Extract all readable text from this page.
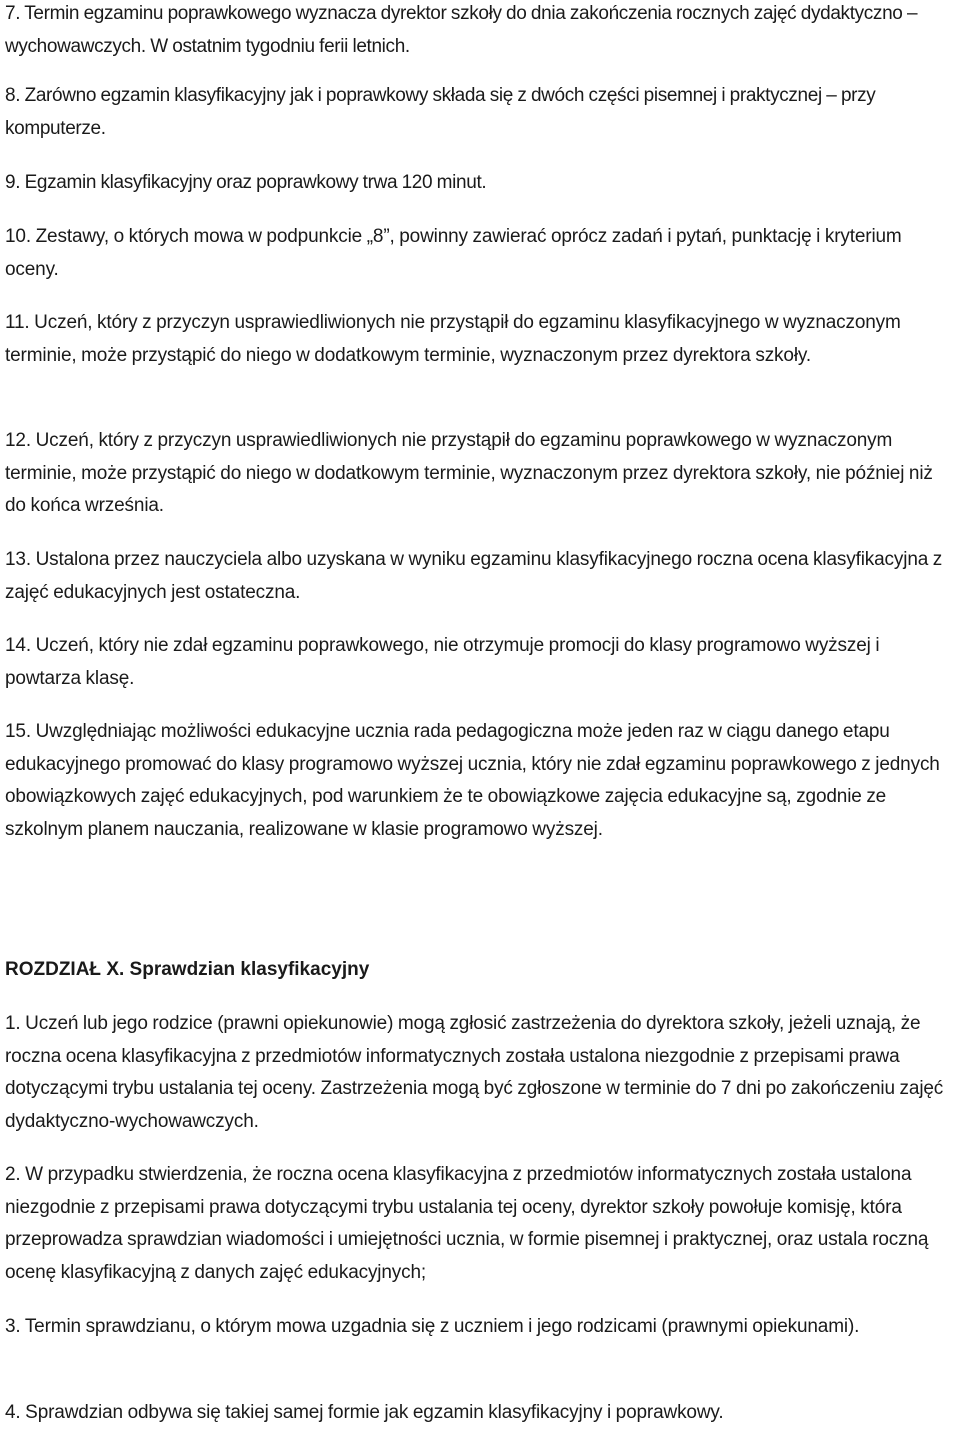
7. Termin egzaminu poprawkowego wyznacza dyrektor szkoły do dnia zakończenia rocznych zajęć dydaktyczno – wychowawczych. W ostatnim tygodniu ferii letnich.

8. Zarówno egzamin klasyfikacyjny jak i poprawkowy składa się z dwóch części pisemnej i praktycznej – przy komputerze.

9. Egzamin klasyfikacyjny oraz poprawkowy trwa 120 minut.

10. Zestawy, o których mowa w podpunkcie „8”, powinny zawierać oprócz zadań i pytań, punktację i kryterium oceny.

11. Uczeń, który z przyczyn usprawiedliwionych nie przystąpił do egzaminu klasyfikacyjnego w wyznaczonym terminie, może przystąpić do niego w dodatkowym terminie, wyznaczonym przez dyrektora szkoły.

12. Uczeń, który z przyczyn usprawiedliwionych nie przystąpił do egzaminu poprawkowego w wyznaczonym terminie, może przystąpić do niego w dodatkowym terminie, wyznaczonym przez dyrektora szkoły, nie później niż do końca września.

13. Ustalona przez nauczyciela albo uzyskana w wyniku egzaminu klasyfikacyjnego roczna ocena klasyfikacyjna z zajęć edukacyjnych jest ostateczna.

14. Uczeń, który nie zdał egzaminu poprawkowego, nie otrzymuje promocji do klasy programowo wyższej i powtarza klasę.

15. Uwzględniając możliwości edukacyjne ucznia rada pedagogiczna może jeden raz w ciągu danego etapu edukacyjnego promować do klasy programowo wyższej ucznia, który nie zdał egzaminu poprawkowego z jednych obowiązkowych zajęć edukacyjnych, pod warunkiem że te obowiązkowe zajęcia edukacyjne są, zgodnie ze szkolnym planem nauczania, realizowane w klasie programowo wyższej.

ROZDZIAŁ X. Sprawdzian klasyfikacyjny

1. Uczeń lub jego rodzice (prawni opiekunowie) mogą zgłosić zastrzeżenia do dyrektora szkoły, jeżeli uznają, że roczna ocena klasyfikacyjna z przedmiotów informatycznych została ustalona niezgodnie z przepisami prawa dotyczącymi trybu ustalania tej oceny. Zastrzeżenia mogą być zgłoszone w terminie do 7 dni po zakończeniu zajęć dydaktyczno-wychowawczych.

2. W przypadku stwierdzenia, że roczna ocena klasyfikacyjna z przedmiotów informatycznych została ustalona niezgodnie z przepisami prawa dotyczącymi trybu ustalania tej oceny, dyrektor szkoły powołuje komisję, która przeprowadza sprawdzian wiadomości i umiejętności ucznia, w formie pisemnej i praktycznej, oraz ustala roczną ocenę klasyfikacyjną z danych zajęć edukacyjnych;

3. Termin sprawdzianu, o którym mowa uzgadnia się z uczniem i jego rodzicami (prawnymi opiekunami).

4. Sprawdzian odbywa się takiej samej formie jak egzamin klasyfikacyjny i poprawkowy.
